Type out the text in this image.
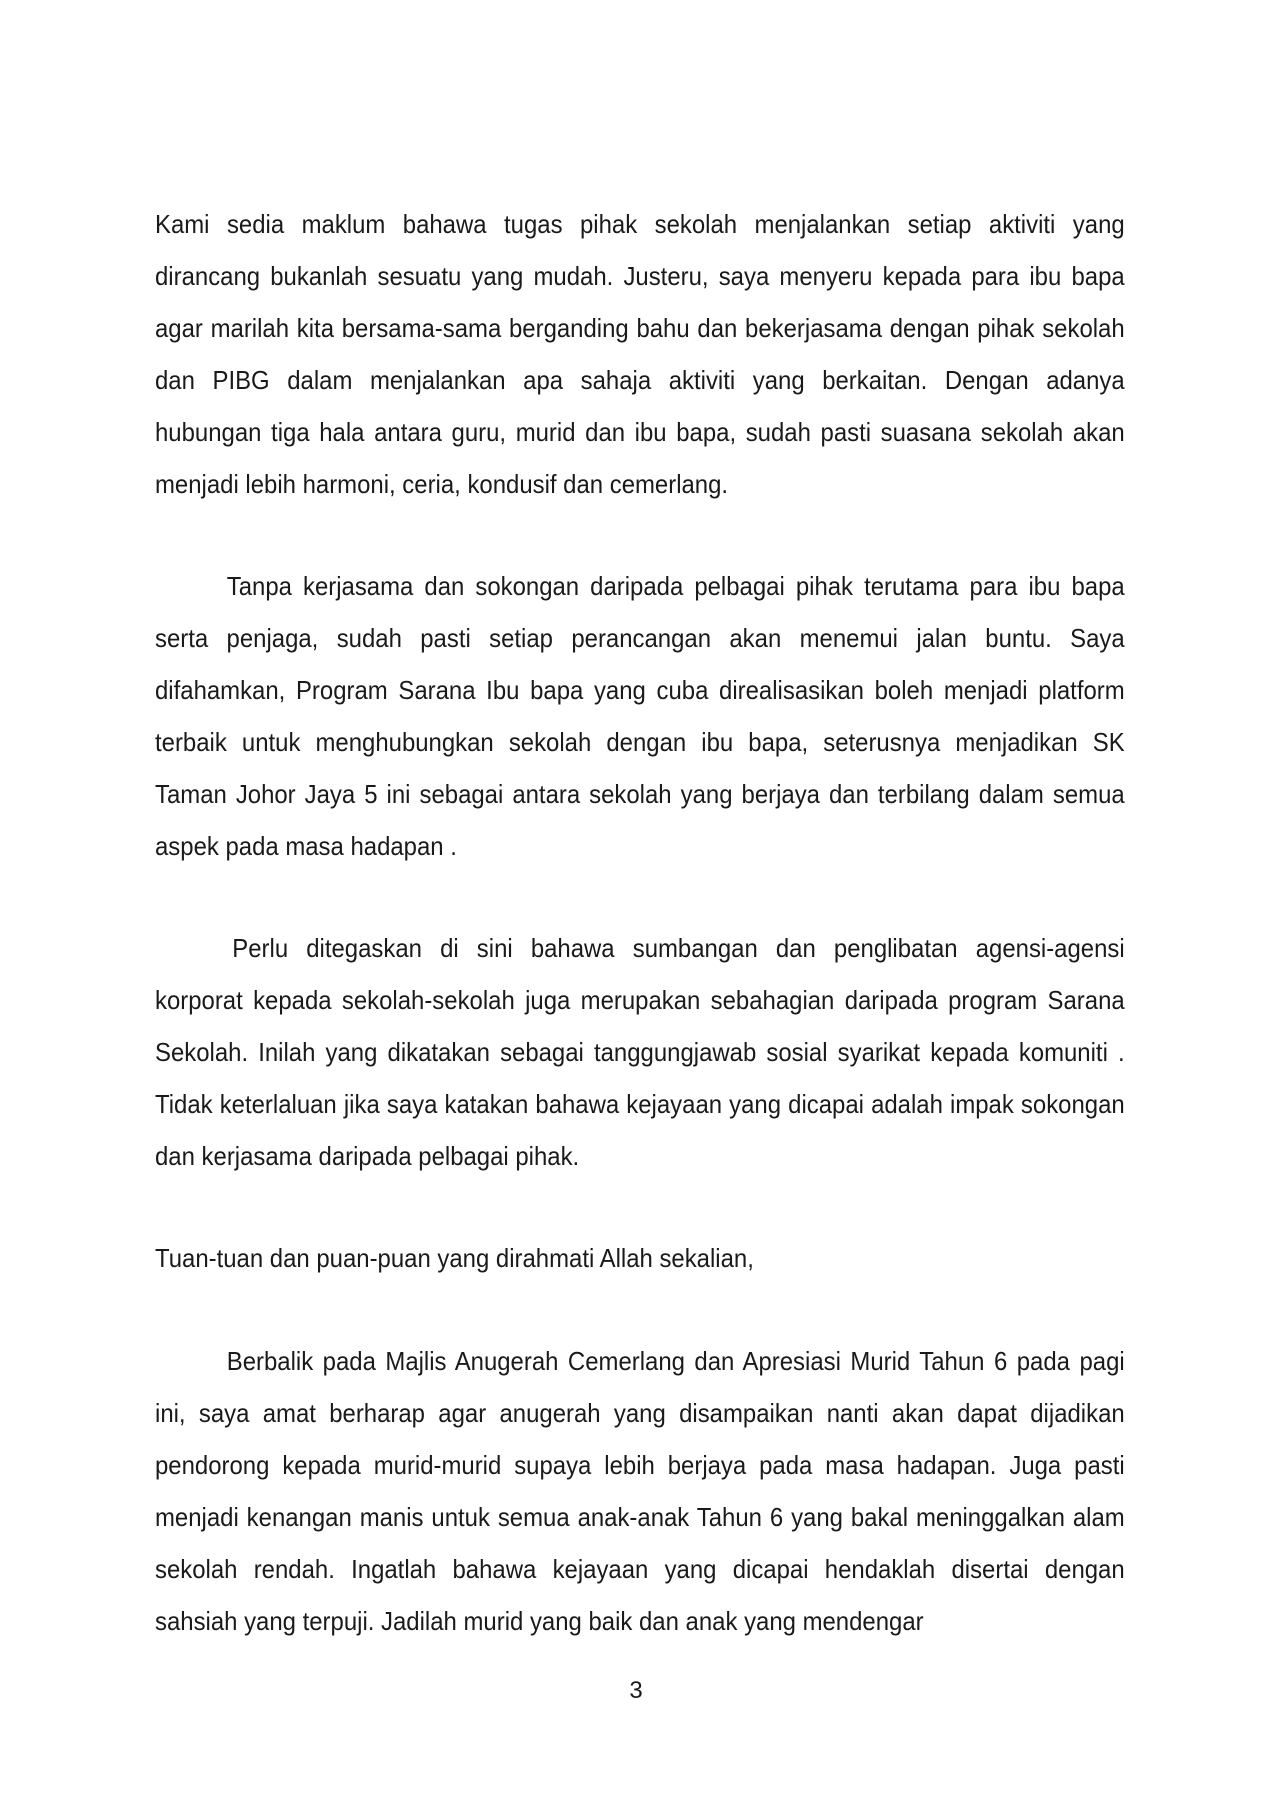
Kami sedia maklum bahawa tugas pihak sekolah menjalankan setiap aktiviti yang dirancang bukanlah sesuatu yang mudah. Justeru, saya menyeru kepada para ibu bapa agar marilah kita bersama-sama berganding bahu dan bekerjasama dengan pihak sekolah dan PIBG dalam menjalankan apa sahaja aktiviti yang berkaitan. Dengan adanya hubungan tiga hala antara guru, murid dan ibu bapa, sudah pasti suasana sekolah akan menjadi lebih harmoni, ceria, kondusif dan cemerlang.

Tanpa kerjasama dan sokongan daripada pelbagai pihak terutama para ibu bapa serta penjaga, sudah pasti setiap perancangan akan menemui jalan buntu. Saya difahamkan, Program Sarana Ibu bapa yang cuba direalisasikan boleh menjadi platform terbaik untuk menghubungkan sekolah dengan ibu bapa, seterusnya menjadikan SK Taman Johor Jaya 5 ini sebagai antara sekolah yang berjaya dan terbilang dalam semua aspek pada masa hadapan .

Perlu ditegaskan di sini bahawa sumbangan dan penglibatan agensi-agensi korporat kepada sekolah-sekolah juga merupakan sebahagian daripada program Sarana Sekolah. Inilah yang dikatakan sebagai tanggungjawab sosial syarikat kepada komuniti . Tidak keterlaluan jika saya katakan bahawa kejayaan yang dicapai adalah impak sokongan dan kerjasama daripada pelbagai pihak.

Tuan-tuan dan puan-puan yang dirahmati Allah sekalian,

Berbalik pada Majlis Anugerah Cemerlang dan Apresiasi Murid Tahun 6 pada pagi ini, saya amat berharap agar anugerah yang disampaikan nanti akan dapat dijadikan pendorong kepada murid-murid supaya lebih berjaya pada masa hadapan. Juga pasti menjadi kenangan manis untuk semua anak-anak Tahun 6 yang bakal meninggalkan alam sekolah rendah. Ingatlah bahawa kejayaan yang dicapai hendaklah disertai dengan sahsiah yang terpuji. Jadilah murid yang baik dan anak yang mendengar

3
